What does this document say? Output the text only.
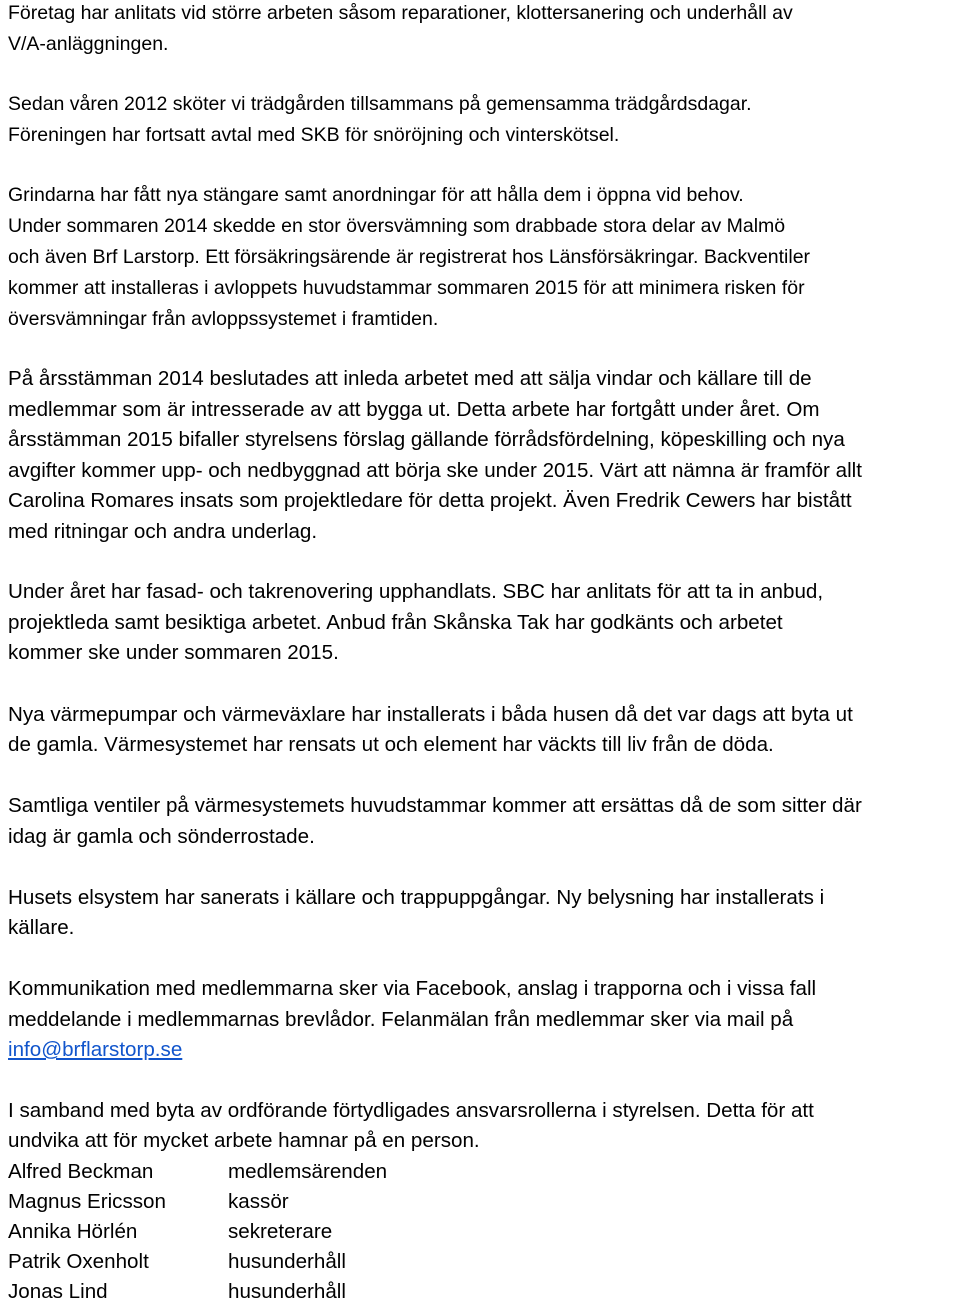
Företag har anlitats vid större arbeten såsom reparationer, klottersanering och underhåll av
V/A-anläggningen.
Sedan våren 2012 sköter vi trädgården tillsammans på gemensamma trädgårdsdagar.
Föreningen har fortsatt avtal med SKB för snöröjning och vinterskötsel.
Grindarna har fått nya stängare samt anordningar för att hålla dem i öppna vid behov.
Under sommaren 2014 skedde en stor översvämning som drabbade stora delar av Malmö
och även Brf Larstorp. Ett försäkringsärende är registrerat hos Länsförsäkringar. Backventiler
kommer att installeras i avloppets huvudstammar sommaren 2015 för att minimera risken för
översvämningar från avloppssystemet i framtiden.
På årsstämman 2014 beslutades att inleda arbetet med att sälja vindar och källare till de
medlemmar som är intresserade av att bygga ut. Detta arbete har fortgått under året. Om
årsstämman 2015 bifaller styrelsens förslag gällande förrådsfördelning, köpeskilling och nya
avgifter kommer upp- och nedbyggnad att börja ske under 2015. Värt att nämna är framför allt
Carolina Romares insats som projektledare för detta projekt. Även Fredrik Cewers har bistått
med ritningar och andra underlag.
Under året har fasad- och takrenovering upphandlats. SBC har anlitats för att ta in anbud,
projektleda samt besiktiga arbetet. Anbud från Skånska Tak har godkänts och arbetet
kommer ske under sommaren 2015.
Nya värmepumpar och värmeväxlare har installerats i båda husen då det var dags att byta ut
de gamla. Värmesystemet har rensats ut och element har väckts till liv från de döda.
Samtliga ventiler på värmesystemets huvudstammar kommer att ersättas då de som sitter där
idag är gamla och sönderrostade.
Husets elsystem har sanerats i källare och trappuppgångar. Ny belysning har installerats i
källare.
Kommunikation med medlemmarna sker via Facebook, anslag i trapporna och i vissa fall
meddelande i medlemmarnas brevlådor. Felanmälan från medlemmar sker via mail på
info@brflarstorp.se
I samband med byta av ordförande förtydligades ansvarsrollerna i styrelsen. Detta för att
undvika att för mycket arbete hamnar på en person.
Alfred Beckman	medlemsärenden
Magnus Ericsson	kassör
Annika Hörlén	sekreterare
Patrik Oxenholt	husunderhåll
Jonas Lind	husunderhåll
